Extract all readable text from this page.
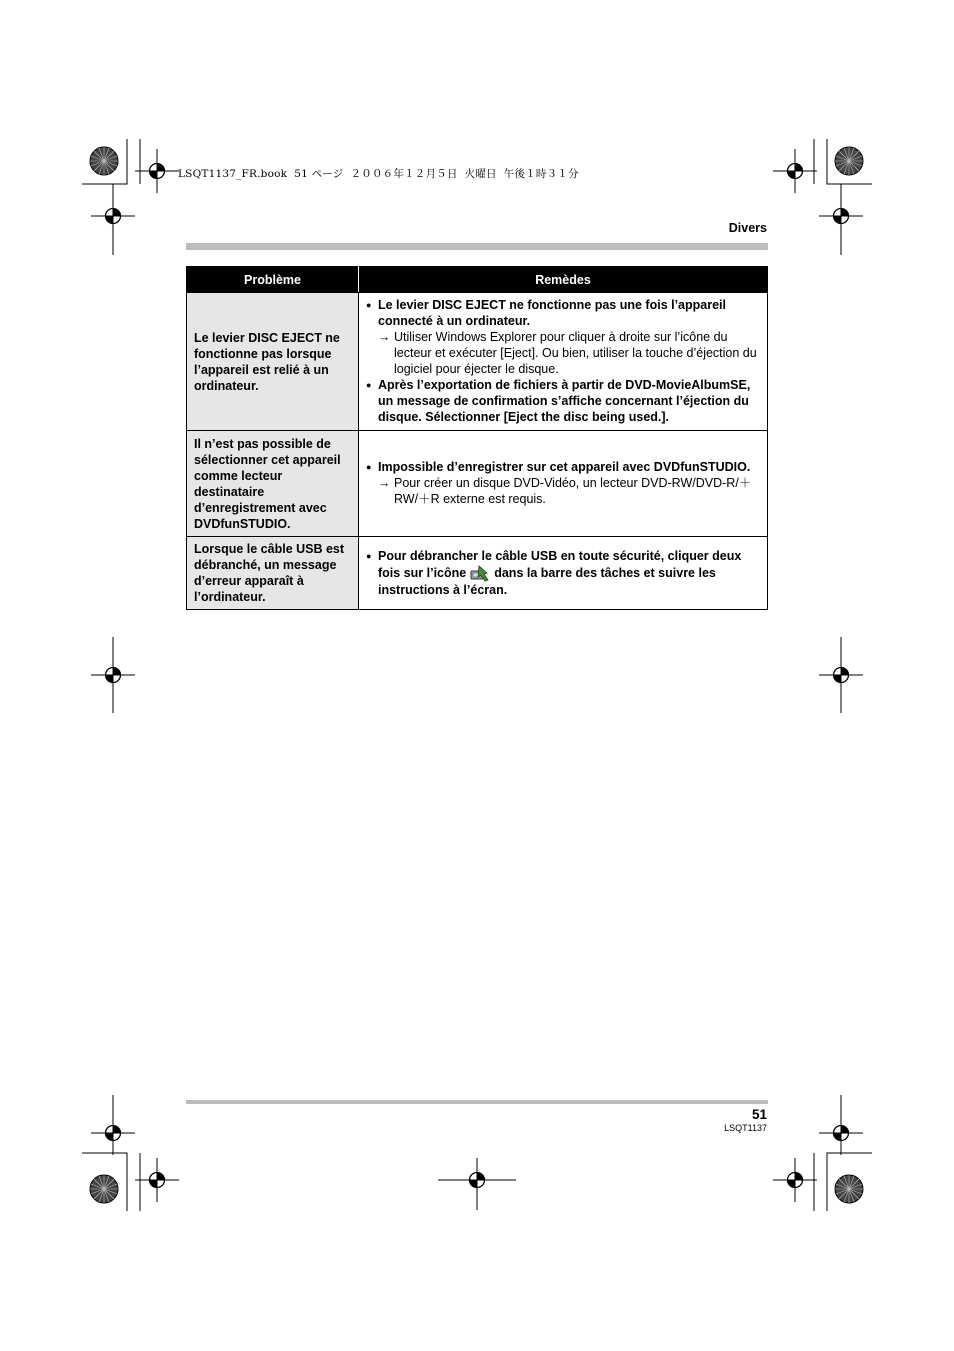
LSQT1137_FR.book  51 ページ  ２００６年１２月５日  火曜日  午後１時３１分
Divers
Problème	Remèdes
Le levier DISC EJECT ne fonctionne pas lorsque l’appareil est relié à un ordinateur.	● Le levier DISC EJECT ne fonctionne pas une fois l’appareil connecté à un ordinateur.
→ Utiliser Windows Explorer pour cliquer à droite sur l’icône du lecteur et exécuter [Eject]. Ou bien, utiliser la touche d’éjection du logiciel pour éjecter le disque.
● Après l’exportation de fichiers à partir de DVD-MovieAlbumSE, un message de confirmation s’affiche concernant l’éjection du disque. Sélectionner [Eject the disc being used.].

Il n’est pas possible de sélectionner cet appareil comme lecteur destinataire d’enregistrement avec DVDfunSTUDIO.	● Impossible d’enregistrer sur cet appareil avec DVDfunSTUDIO.
→ Pour créer un disque DVD-Vidéo, un lecteur DVD-RW/DVD-R/＋RW/＋R externe est requis.

Lorsque le câble USB est débranché, un message d’erreur apparaît à l’ordinateur.	● Pour débrancher le câble USB en toute sécurité, cliquer deux fois sur l’icône dans la barre des tâches et suivre les instructions à l’écran.
51
LSQT1137
